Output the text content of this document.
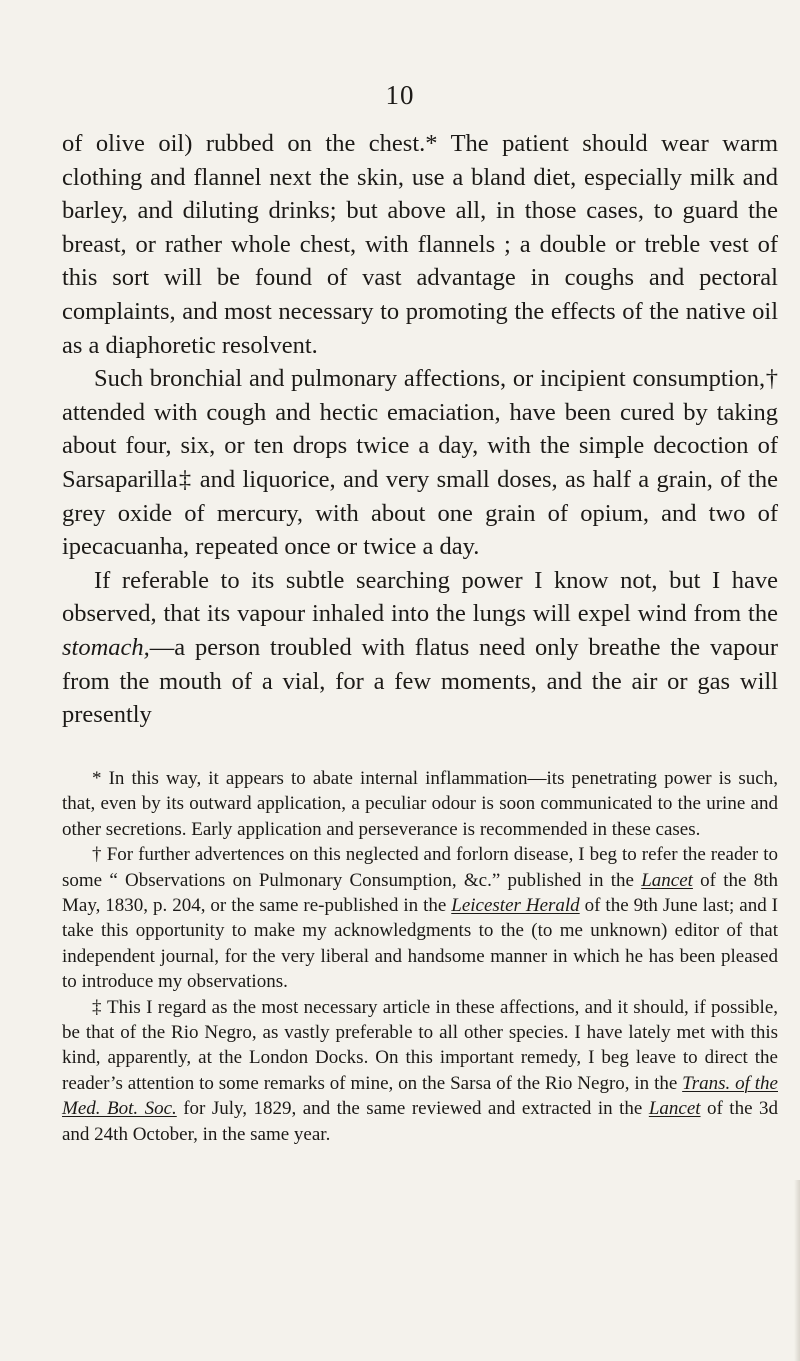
10

of olive oil) rubbed on the chest.* The patient should wear warm clothing and flannel next the skin, use a bland diet, especially milk and barley, and diluting drinks; but above all, in those cases, to guard the breast, or rather whole chest, with flannels ; a double or treble vest of this sort will be found of vast advantage in coughs and pectoral complaints, and most necessary to promoting the effects of the native oil as a diaphoretic resolvent.

Such bronchial and pulmonary affections, or incipient consumption,† attended with cough and hectic emaciation, have been cured by taking about four, six, or ten drops twice a day, with the simple decoction of Sarsaparilla‡ and liquorice, and very small doses, as half a grain, of the grey oxide of mercury, with about one grain of opium, and two of ipecacuanha, repeated once or twice a day.

If referable to its subtle searching power I know not, but I have observed, that its vapour inhaled into the lungs will expel wind from the stomach,—a person troubled with flatus need only breathe the vapour from the mouth of a vial, for a few moments, and the air or gas will presently

* In this way, it appears to abate internal inflammation—its penetrating power is such, that, even by its outward application, a peculiar odour is soon communicated to the urine and other secretions. Early application and perseverance is recommended in these cases.

† For further advertences on this neglected and forlorn disease, I beg to refer the reader to some “ Observations on Pulmonary Consumption, &c.” published in the Lancet of the 8th May, 1830, p. 204, or the same re-published in the Leicester Herald of the 9th June last; and I take this opportunity to make my acknowledgments to the (to me unknown) editor of that independent journal, for the very liberal and handsome manner in which he has been pleased to introduce my observations.

‡ This I regard as the most necessary article in these affections, and it should, if possible, be that of the Rio Negro, as vastly preferable to all other species. I have lately met with this kind, apparently, at the London Docks. On this important remedy, I beg leave to direct the reader’s attention to some remarks of mine, on the Sarsa of the Rio Negro, in the Trans. of the Med. Bot. Soc. for July, 1829, and the same reviewed and extracted in the Lancet of the 3d and 24th October, in the same year.
